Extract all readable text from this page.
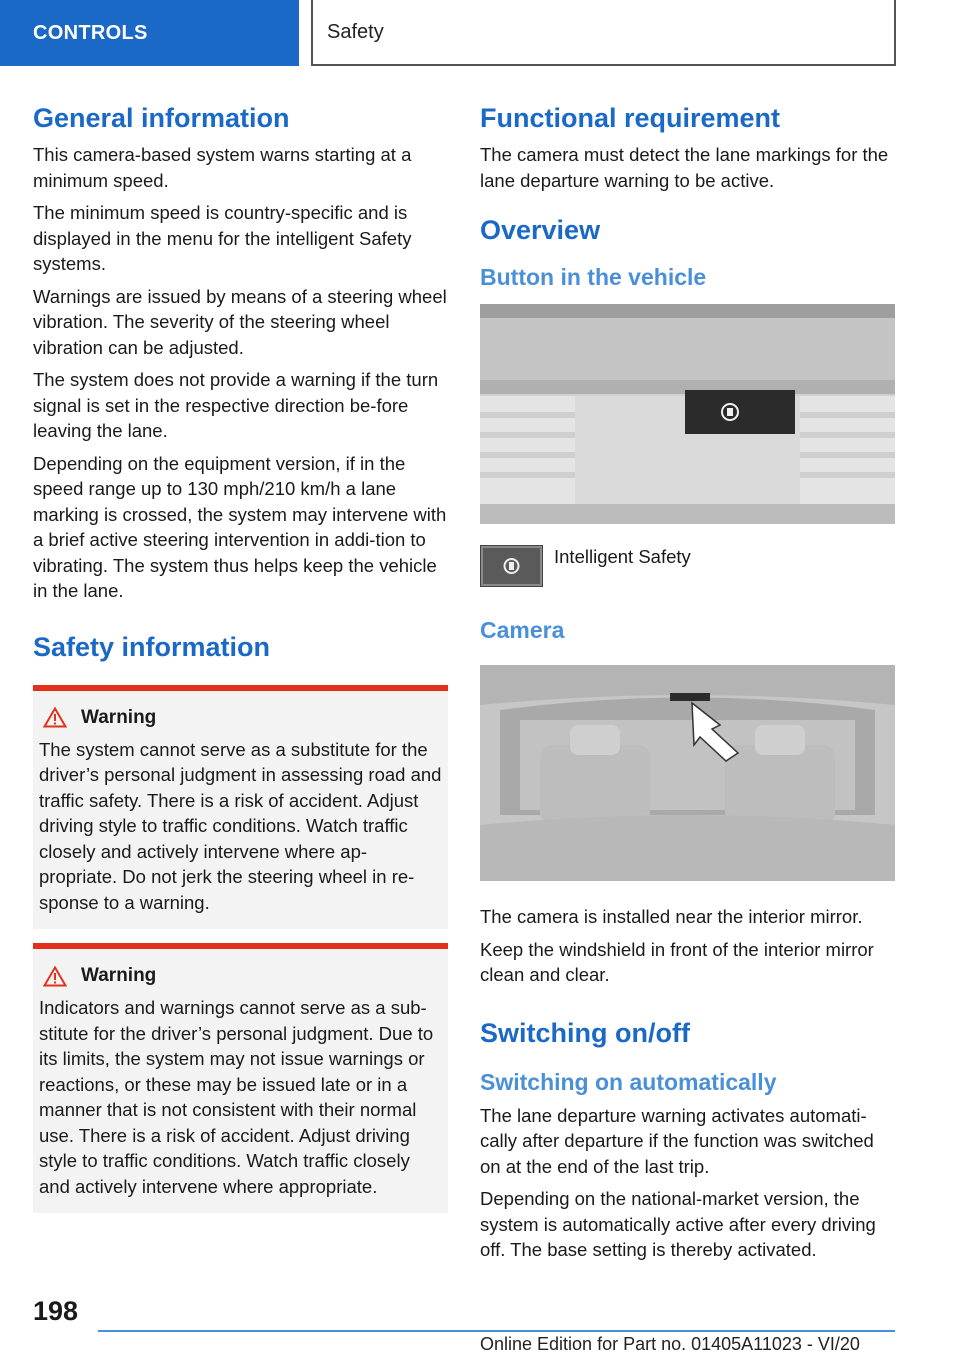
CONTROLS	Safety
General information

This camera-based system warns starting at a minimum speed.

The minimum speed is country-specific and is displayed in the menu for the intelligent Safety systems.

Warnings are issued by means of a steering wheel vibration. The severity of the steering wheel vibration can be adjusted.

The system does not provide a warning if the turn signal is set in the respective direction be-fore leaving the lane.

Depending on the equipment version, if in the speed range up to 130 mph/210 km/h a lane marking is crossed, the system may intervene with a brief active steering intervention in addi-tion to vibrating. The system thus helps keep the vehicle in the lane.

Safety information
Warning

The system cannot serve as a substitute for the driver’s personal judgment in assessing road and traffic safety. There is a risk of accident. Adjust driving style to traffic conditions. Watch traffic closely and actively intervene where ap-propriate. Do not jerk the steering wheel in re-sponse to a warning.

Warning

Indicators and warnings cannot serve as a sub-stitute for the driver’s personal judgment. Due to its limits, the system may not issue warnings or reactions, or these may be issued late or in a manner that is not consistent with their normal use. There is a risk of accident. Adjust driving style to traffic conditions. Watch traffic closely and actively intervene where appropriate.

Functional requirement

The camera must detect the lane markings for the lane departure warning to be active.

Overview
Button in the vehicle
Intelligent Safety
Camera

The camera is installed near the interior mirror.

Keep the windshield in front of the interior mirror clean and clear.

Switching on/off
Switching on automatically

The lane departure warning activates automati-cally after departure if the function was switched on at the end of the last trip.

Depending on the national-market version, the system is automatically active after every driving off. The base setting is thereby activated.

198
Online Edition for Part no. 01405A11023 - VI/20
